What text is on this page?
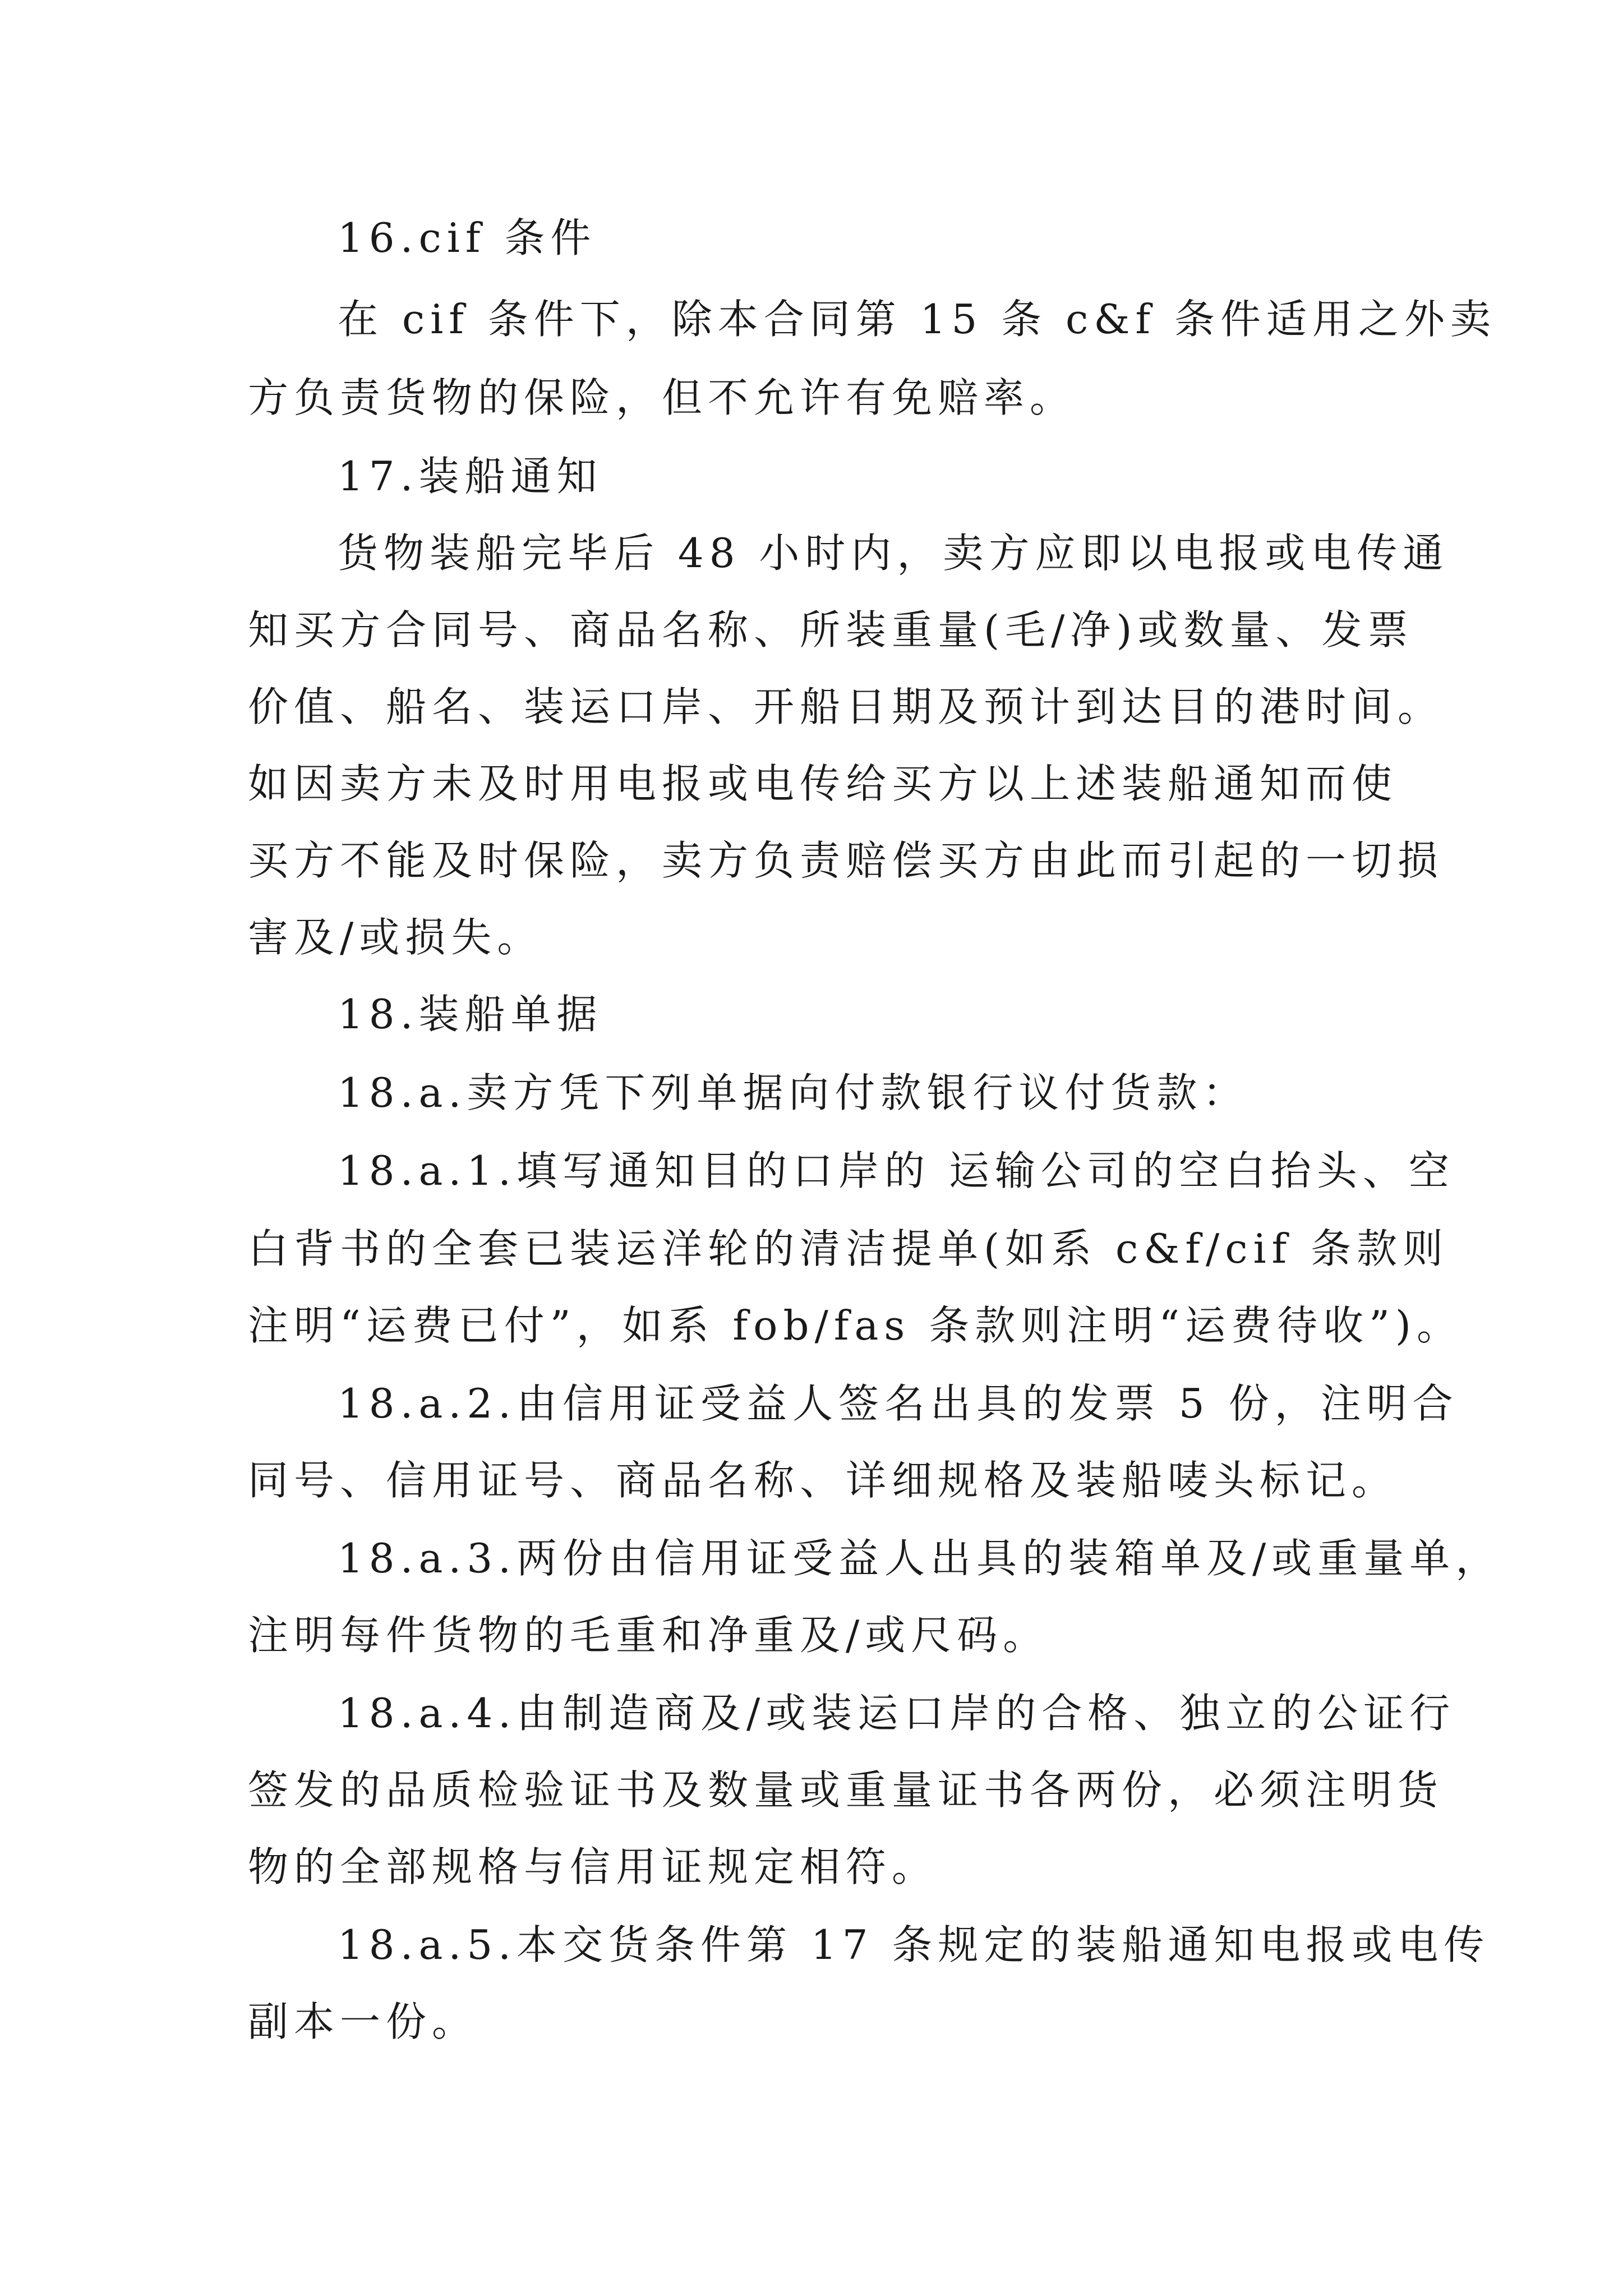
16.cif 条件
在 cif 条件下，除本合同第 15 条 c&f 条件适用之外卖
方负责货物的保险，但不允许有免赔率。
17.装船通知
货物装船完毕后 48 小时内，卖方应即以电报或电传通
知买方合同号、商品名称、所装重量(毛/净)或数量、发票
价值、船名、装运口岸、开船日期及预计到达目的港时间。
如因卖方未及时用电报或电传给买方以上述装船通知而使
买方不能及时保险，卖方负责赔偿买方由此而引起的一切损
害及/或损失。
18.装船单据
18.a.卖方凭下列单据向付款银行议付货款：
18.a.1.填写通知目的口岸的 运输公司的空白抬头、空
白背书的全套已装运洋轮的清洁提单(如系 c&f/cif 条款则
注明“运费已付”，如系 fob/fas 条款则注明“运费待收”)。
18.a.2.由信用证受益人签名出具的发票 5 份，注明合
同号、信用证号、商品名称、详细规格及装船唛头标记。
18.a.3.两份由信用证受益人出具的装箱单及/或重量单，
注明每件货物的毛重和净重及/或尺码。
18.a.4.由制造商及/或装运口岸的合格、独立的公证行
签发的品质检验证书及数量或重量证书各两份，必须注明货
物的全部规格与信用证规定相符。
18.a.5.本交货条件第 17 条规定的装船通知电报或电传
副本一份。
